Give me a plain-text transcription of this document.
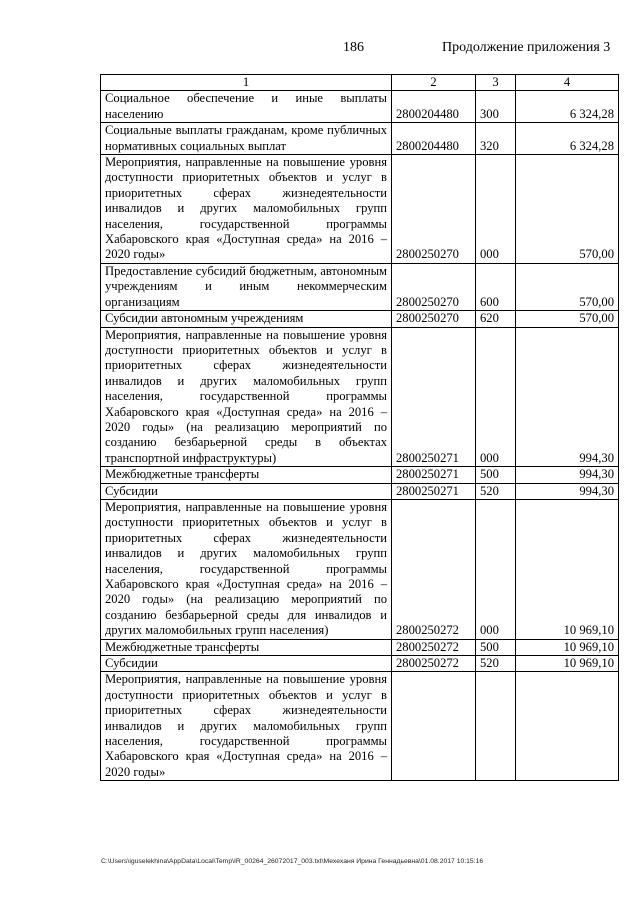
186	Продолжение приложения 3
1	2	3	4
Социальное обеспечение и иные выплаты населению	2800204480	300	6 324,28
Социальные выплаты гражданам, кроме публичных нормативных социальных выплат	2800204480	320	6 324,28
Мероприятия, направленные на повышение уровня доступности приоритетных объектов и услуг в приоритетных сферах жизнедеятельности инвалидов и других маломобильных групп населения, государственной программы Хабаровского края «Доступная среда» на 2016 – 2020 годы»	2800250270	000	570,00
Предоставление субсидий бюджетным, автономным учреждениям и иным некоммерческим организациям	2800250270	600	570,00
Субсидии автономным учреждениям	2800250270	620	570,00
Мероприятия, направленные на повышение уровня доступности приоритетных объектов и услуг в приоритетных сферах жизнедеятельности инвалидов и других маломобильных групп населения, государственной программы Хабаровского края «Доступная среда» на 2016 – 2020 годы» (на реализацию мероприятий по созданию безбарьерной среды в объектах транспортной инфраструктуры)	2800250271	000	994,30
Межбюджетные трансферты	2800250271	500	994,30
Субсидии	2800250271	520	994,30
Мероприятия, направленные на повышение уровня доступности приоритетных объектов и услуг в приоритетных сферах жизнедеятельности инвалидов и других маломобильных групп населения, государственной программы Хабаровского края «Доступная среда» на 2016 – 2020 годы» (на реализацию мероприятий по созданию безбарьерной среды для инвалидов и других маломобильных групп населения)	2800250272	000	10 969,10
Межбюджетные трансферты	2800250272	500	10 969,10
Субсидии	2800250272	520	10 969,10
Мероприятия, направленные на повышение уровня доступности приоритетных объектов и услуг в приоритетных сферах жизнедеятельности инвалидов и других маломобильных групп населения, государственной программы Хабаровского края «Доступная среда» на 2016 – 2020 годы»			
C:\Users\iguselekhina\AppData\Local\Temp\IR_00264_26072017_003.txt\Мехеханя Ирина Геннадьевна\01.08.2017 10:15:16
